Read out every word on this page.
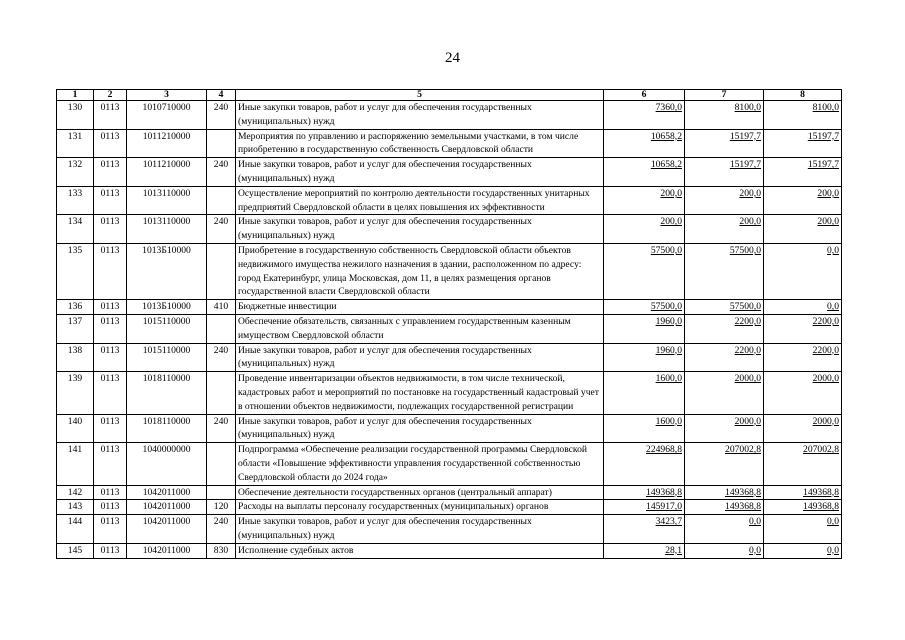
24
1	2	3	4	5	6	7	8
130	0113	1010710000	240	Иные закупки товаров, работ и услуг для обеспечения государственных (муниципальных) нужд	7360,0	8100,0	8100,0
131	0113	1011210000		Мероприятия по управлению и распоряжению земельными участками, в том числе приобретению в государственную собственность Свердловской области	10658,2	15197,7	15197,7
132	0113	1011210000	240	Иные закупки товаров, работ и услуг для обеспечения государственных (муниципальных) нужд	10658,2	15197,7	15197,7
133	0113	1013110000		Осуществление мероприятий по контролю деятельности государственных унитарных предприятий Свердловской области в целях повышения их эффективности	200,0	200,0	200,0
134	0113	1013110000	240	Иные закупки товаров, работ и услуг для обеспечения государственных (муниципальных) нужд	200,0	200,0	200,0
135	0113	1013Б10000		Приобретение в государственную собственность Свердловской области объектов недвижимого имущества нежилого назначения в здании, расположенном по адресу: город Екатеринбург, улица Московская, дом 11, в целях размещения органов государственной власти Свердловской области	57500,0	57500,0	0,0
136	0113	1013Б10000	410	Бюджетные инвестиции	57500,0	57500,0	0,0
137	0113	1015110000		Обеспечение обязательств, связанных с управлением государственным казенным имуществом Свердловской области	1960,0	2200,0	2200,0
138	0113	1015110000	240	Иные закупки товаров, работ и услуг для обеспечения государственных (муниципальных) нужд	1960,0	2200,0	2200,0
139	0113	1018110000		Проведение инвентаризации объектов недвижимости, в том числе технической, кадастровых работ и мероприятий по постановке на государственный кадастровый учет в отношении объектов недвижимости, подлежащих государственной регистрации	1600,0	2000,0	2000,0
140	0113	1018110000	240	Иные закупки товаров, работ и услуг для обеспечения государственных (муниципальных) нужд	1600,0	2000,0	2000,0
141	0113	1040000000		Подпрограмма «Обеспечение реализации государственной программы Свердловской области «Повышение эффективности управления государственной собственностью Свердловской области до 2024 года»	224968,8	207002,8	207002,8
142	0113	1042011000		Обеспечение деятельности государственных органов (центральный аппарат)	149368,8	149368,8	149368,8
143	0113	1042011000	120	Расходы на выплаты персоналу государственных (муниципальных) органов	145917,0	149368,8	149368,8
144	0113	1042011000	240	Иные закупки товаров, работ и услуг для обеспечения государственных (муниципальных) нужд	3423,7	0,0	0,0
145	0113	1042011000	830	Исполнение судебных актов	28,1	0,0	0,0
